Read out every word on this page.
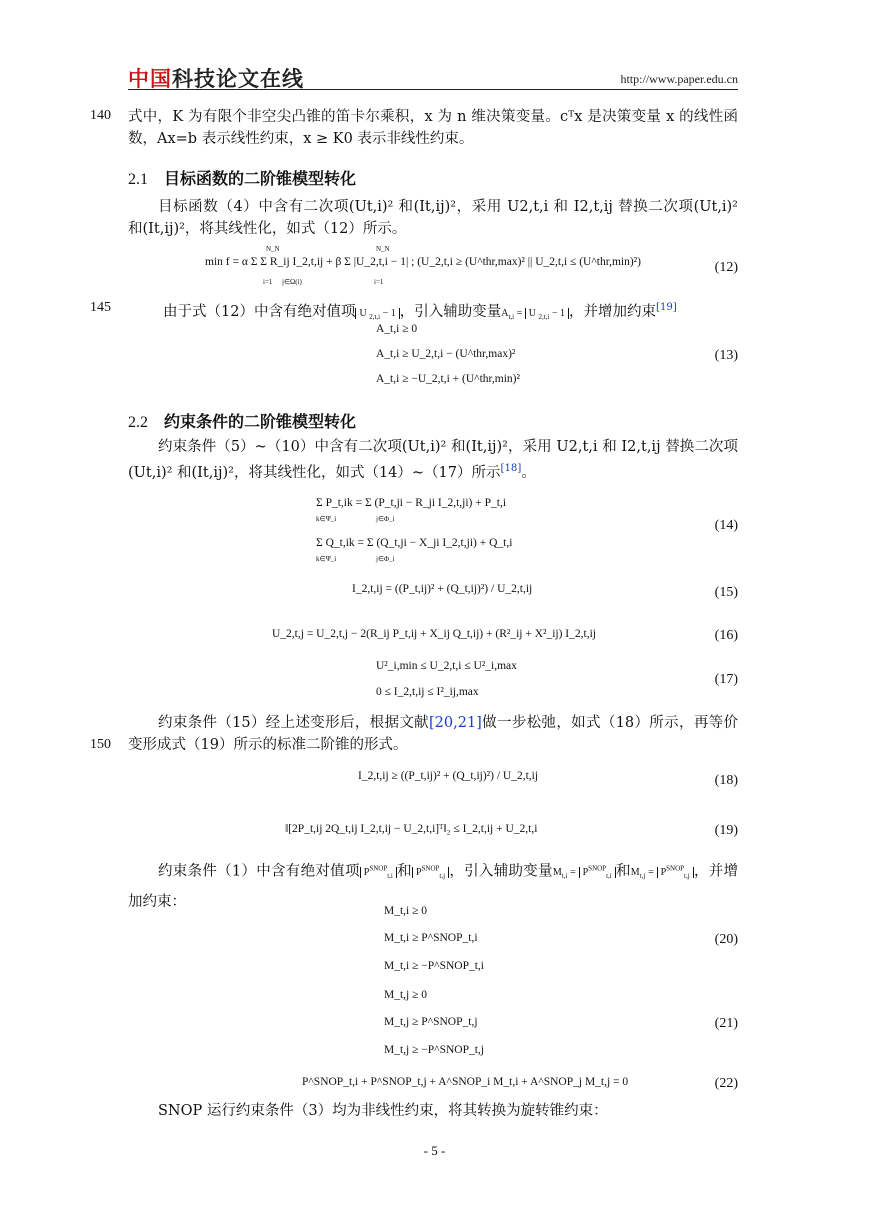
中国科技论文在线	http://www.paper.edu.cn
140
145
150
式中，K 为有限个非空尖凸锥的笛卡尔乘积，x 为 n 维决策变量。cᵀx 是决策变量 x 的线性函数，Ax=b 表示线性约束，x ≥ K0 表示非线性约束。
2.1 目标函数的二阶锥模型转化
目标函数（4）中含有二次项(Ut,i)² 和(It,ij)²，采用 U2,t,i 和 I2,t,ij 替换二次项(Ut,i)² 和(It,ij)²，将其线性化，如式（12）所示。
min f = α Σ Σ R_ij I_2,t,ij + β Σ |U_2,t,i − 1| ; (U_2,t,i ≥ (U^thr,max)² || U_2,t,i ≤ (U^thr,min)²)
N_N
i=1 j∈Ω(i)
N_N
i=1
(12)
由于式（12）中含有绝对值项 U $_{2,t,i}$ − 1 ，引入辅助变量$A_{t,i} = U$ $_{2,t,i}$ − 1 ，并增加约束[19]
A_t,i ≥ 0
A_t,i ≥ U_2,t,i − (U^thr,max)²
A_t,i ≥ −U_2,t,i + (U^thr,min)²
(13)
2.2 约束条件的二阶锥模型转化
约束条件（5）~（10）中含有二次项(Ut,i)² 和(It,ij)²，采用 U2,t,i 和 I2,t,ij 替换二次项(Ut,i)² 和(It,ij)²，将其线性化，如式（14）~（17）所示[18]。
Σ P_t,ik = Σ (P_t,ji − R_ji I_2,t,ji) + P_t,i
Σ Q_t,ik = Σ (Q_t,ji − X_ji I_2,t,ji) + Q_t,i
k∈Ψ_i	j∈Φ_i
k∈Ψ_i	j∈Φ_i
(14)
I_2,t,ij = ((P_t,ij)² + (Q_t,ij)²) / U_2,t,ij	(15)
U_2,t,j = U_2,t,j − 2(R_ij P_t,ij + X_ij Q_t,ij) + (R²_ij + X²_ij) I_2,t,ij	(16)
U²_i,min ≤ U_2,t,i ≤ U²_i,max
0 ≤ I_2,t,ij ≤ I²_ij,max
(17)
约束条件（15）经上述变形后，根据文献[20,21]做一步松弛，如式（18）所示，再等价变形成式（19）所示的标准二阶锥的形式。
I_2,t,ij ≥ ((P_t,ij)² + (Q_t,ij)²) / U_2,t,ij	(18)
‖[2P_t,ij 2Q_t,ij I_2,t,ij − U_2,t,i]ᵀ‖₂ ≤ I_2,t,ij + U_2,t,i	(19)
约束条件（1）中含有绝对值项 $P^{SNOP}_{t,i}$ 和 $P^{SNOP}_{t,j}$ ，引入辅助变量$M_{t,i} = P^{SNOP}_{t,i}$ 和$M_{t,j} = P^{SNOP}_{t,j}$ ，并增加约束：
M_t,i ≥ 0
M_t,i ≥ P^SNOP_t,i
M_t,i ≥ −P^SNOP_t,i
(20)
M_t,j ≥ 0
M_t,j ≥ P^SNOP_t,j
M_t,j ≥ −P^SNOP_t,j
(21)
P^SNOP_t,i + P^SNOP_t,j + A^SNOP_i M_t,i + A^SNOP_j M_t,j = 0	(22)
SNOP 运行约束条件（3）均为非线性约束，将其转换为旋转锥约束：
- 5 -
